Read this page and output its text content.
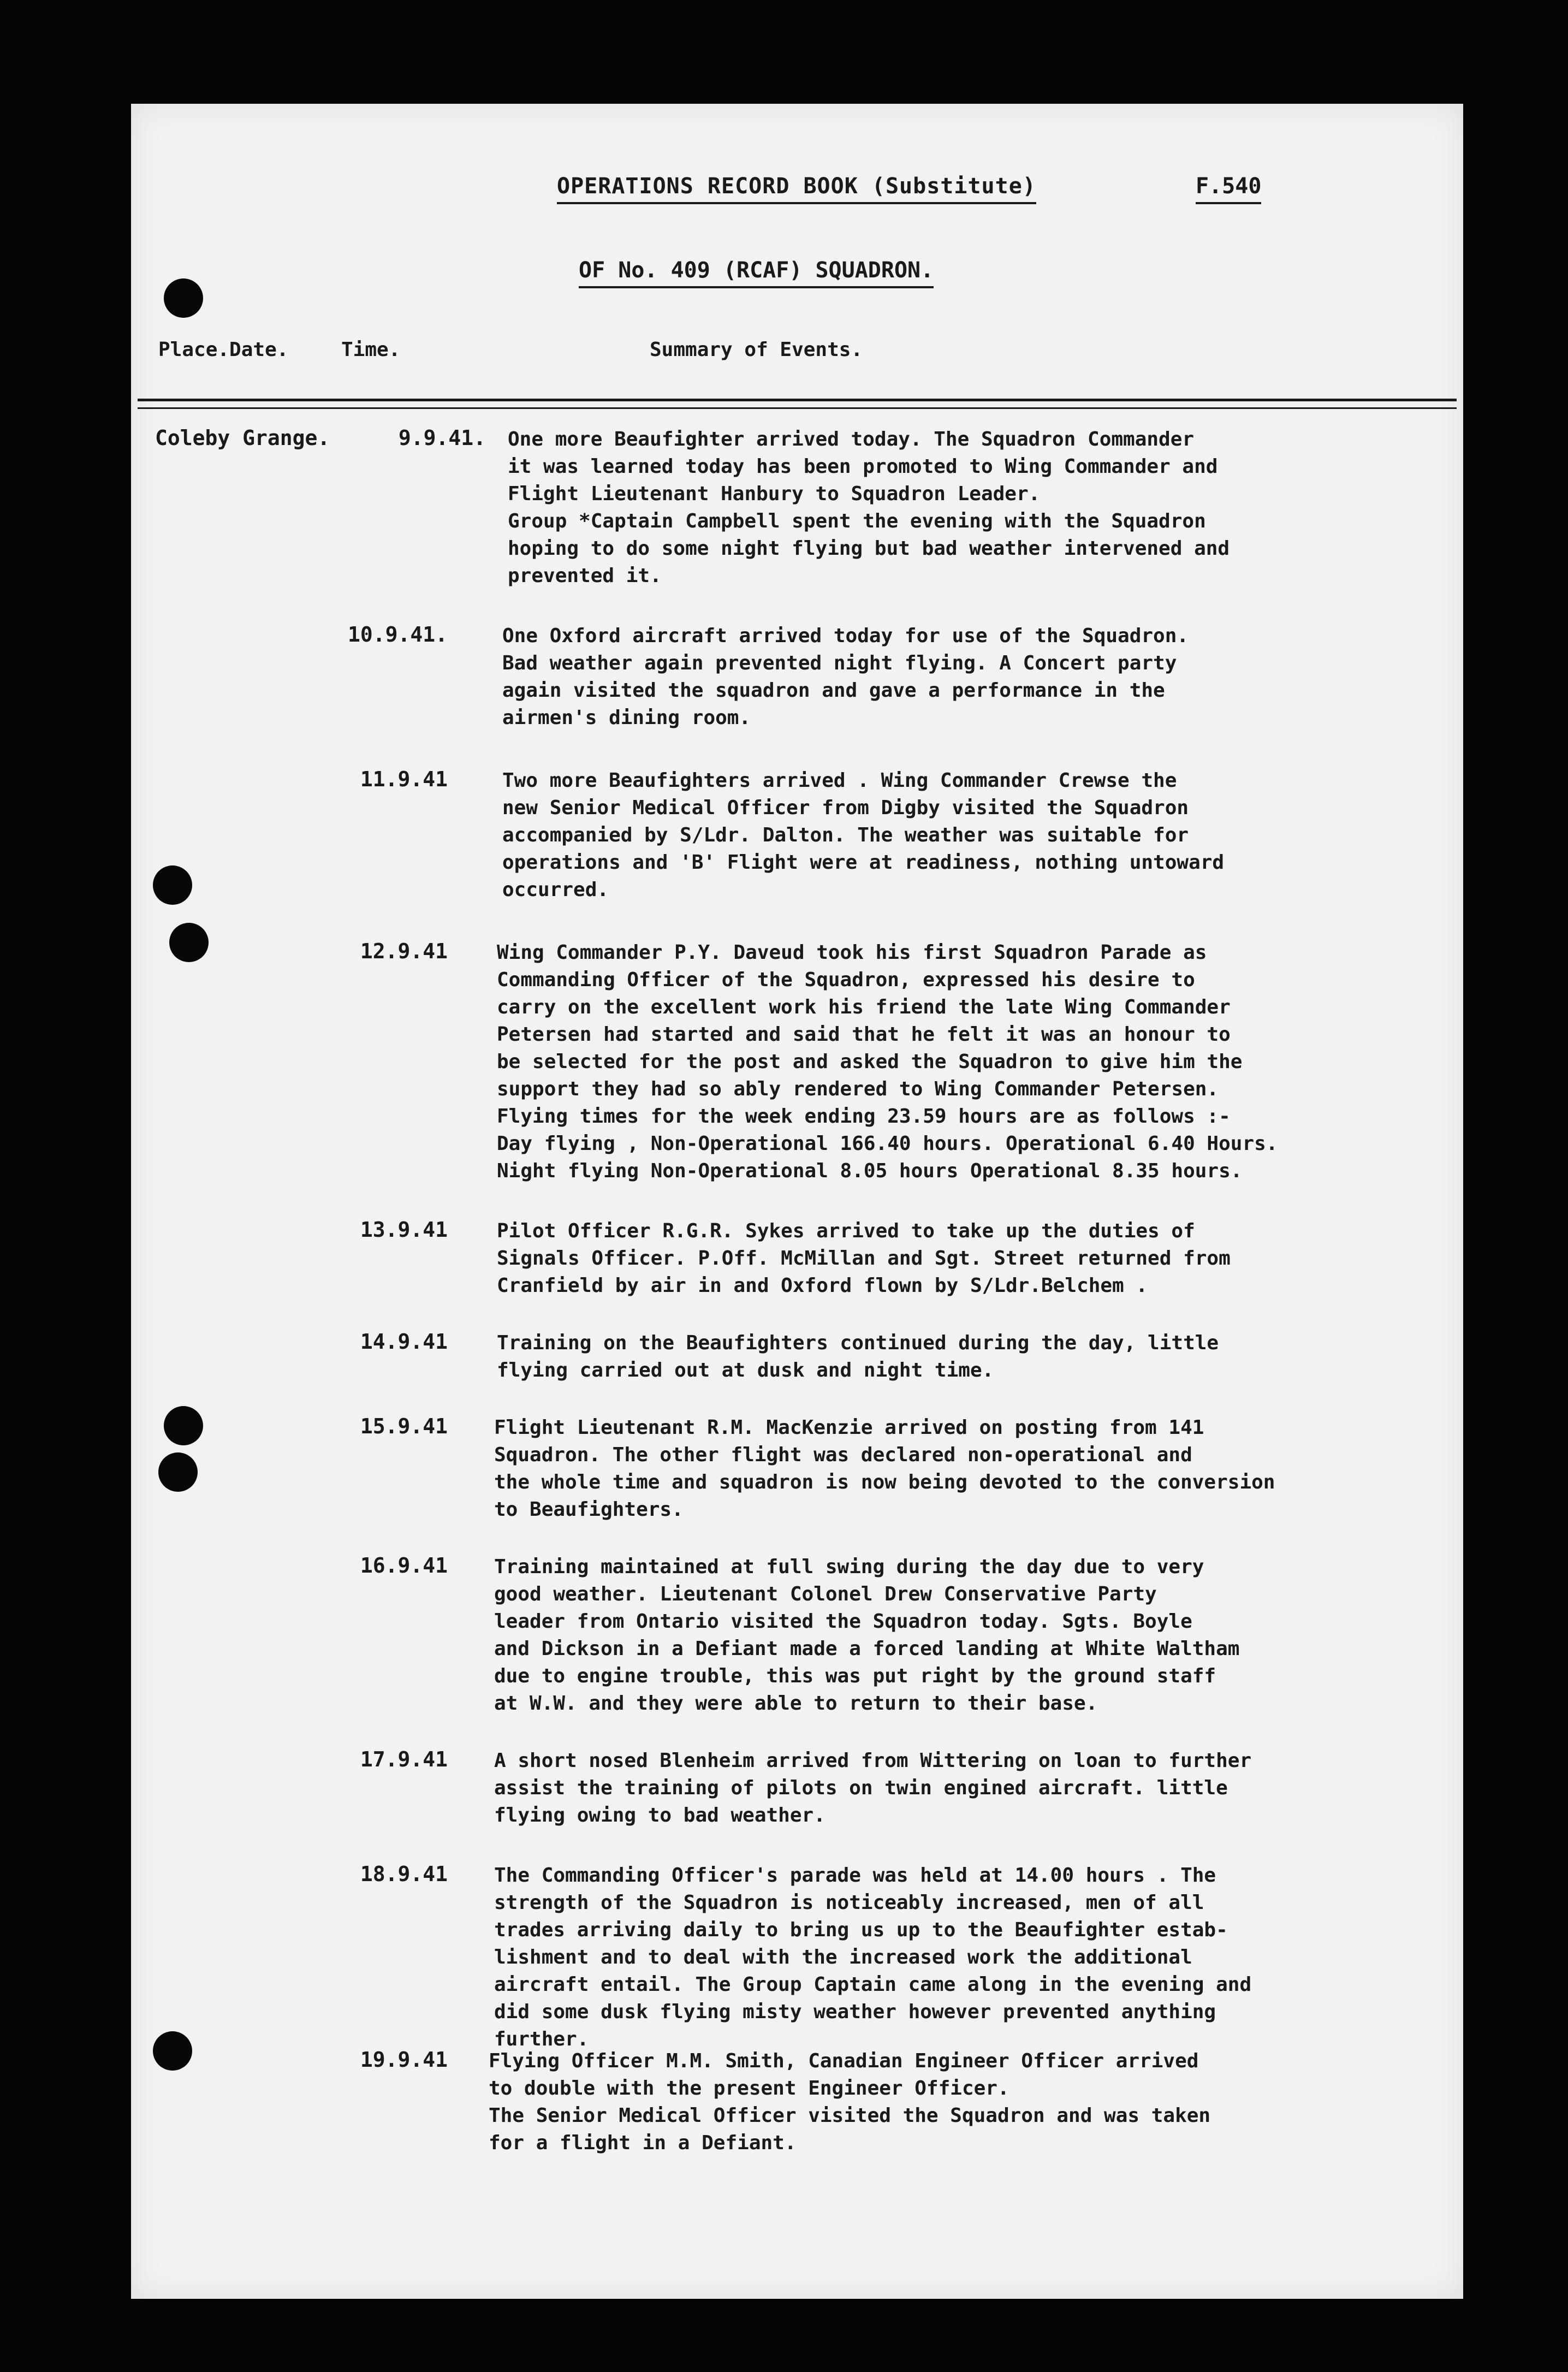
OPERATIONS RECORD BOOK (Substitute)	F.540
OF No. 409 (RCAF) SQUADRON.
Place.Date.	Time.	Summary of Events.
Coleby Grange.	9.9.41. One more Beaufighter arrived today. The Squadron Commander
it was learned today has been promoted to Wing Commander and
Flight Lieutenant Hanbury to Squadron Leader.
Group *Captain Campbell spent the evening with the Squadron
hoping to do some night flying but bad weather intervened and
prevented it.
10.9.41.	One Oxford aircraft arrived today for use of the Squadron.
Bad weather again prevented night flying. A Concert party
again visited the squadron and gave a performance in the
airmen's dining room.
11.9.41	Two more Beaufighters arrived . Wing Commander Crewse the
new Senior Medical Officer from Digby visited the Squadron
accompanied by S/Ldr. Dalton. The weather was suitable for
operations and 'B' Flight were at readiness, nothing untoward
occurred.
12.9.41	Wing Commander P.Y. Daveud took his first Squadron Parade as
Commanding Officer of the Squadron, expressed his desire to
carry on the excellent work his friend the late Wing Commander
Petersen had started and said that he felt it was an honour to
be selected for the post and asked the Squadron to give him the
support they had so ably rendered to Wing Commander Petersen.
Flying times for the week ending 23.59 hours are as follows :-
Day flying , Non-Operational 166.40 hours. Operational 6.40 Hours.
Night flying Non-Operational 8.05 hours Operational 8.35 hours.
13.9.41	Pilot Officer R.G.R. Sykes arrived to take up the duties of
Signals Officer. P.Off. McMillan and Sgt. Street returned from
Cranfield by air in and Oxford flown by S/Ldr.Belchem .
14.9.41	Training on the Beaufighters continued during the day, little
flying carried out at dusk and night time.
15.9.41 Flight Lieutenant R.M. MacKenzie arrived on posting from 141
Squadron. The other flight was declared non-operational and
the whole time and squadron is now being devoted to the conversion
to Beaufighters.
16.9.41 Training maintained at full swing during the day due to very
good weather. Lieutenant Colonel Drew Conservative Party
leader from Ontario visited the Squadron today. Sgts. Boyle
and Dickson in a Defiant made a forced landing at White Waltham
due to engine trouble, this was put right by the ground staff
at W.W. and they were able to return to their base.
17.9.41 A short nosed Blenheim arrived from Wittering on loan to further
assist the training of pilots on twin engined aircraft. little
flying owing to bad weather.
18.9.41 The Commanding Officer's parade was held at 14.00 hours . The
strength of the Squadron is noticeably increased, men of all
trades arriving daily to bring us up to the Beaufighter estab-
lishment and to deal with the increased work the additional
aircraft entail. The Group Captain came along in the evening and
did some dusk flying misty weather however prevented anything
further.
19.9.41 Flying Officer M.M. Smith, Canadian Engineer Officer arrived
to double with the present Engineer Officer.
The Senior Medical Officer visited the Squadron and was taken
for a flight in a Defiant.
